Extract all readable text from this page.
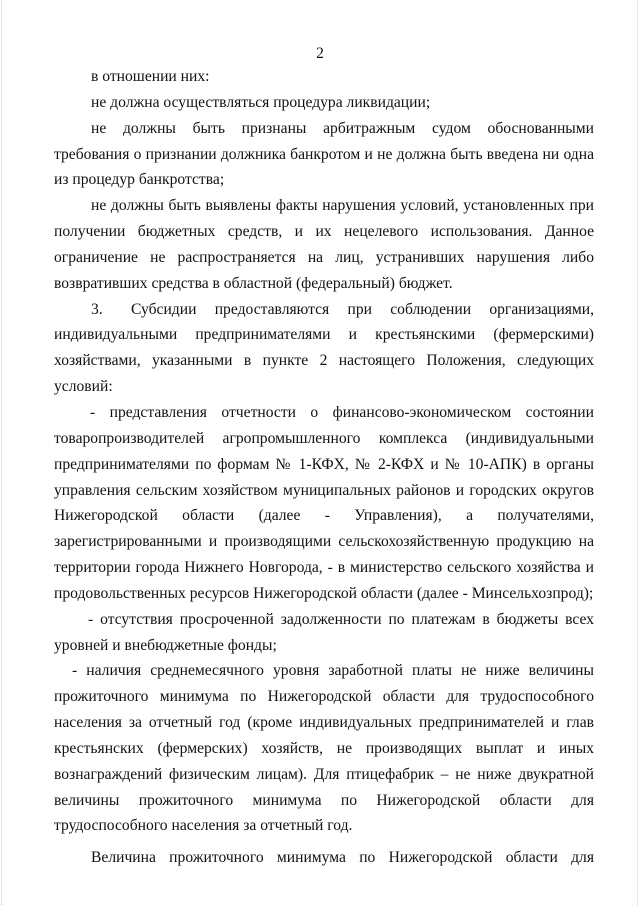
2

в отношении них:

не должна осуществляться процедура ликвидации;

не должны быть признаны арбитражным судом обоснованными требования о признании должника банкротом и не должна быть введена ни одна из процедур банкротства;

не должны быть выявлены факты нарушения условий, установленных при получении бюджетных средств, и их нецелевого использования. Данное ограничение не распространяется на лиц, устранивших нарушения либо возвративших средства в областной (федеральный) бюджет.

3. Субсидии предоставляются при соблюдении организациями, индивидуальными предпринимателями и крестьянскими (фермерскими) хозяйствами, указанными в пункте 2 настоящего Положения, следующих условий:

- представления отчетности о финансово-экономическом состоянии товаропроизводителей агропромышленного комплекса (индивидуальными предпринимателями по формам № 1-КФХ, № 2-КФХ и № 10-АПК) в органы управления сельским хозяйством муниципальных районов и городских округов Нижегородской области (далее - Управления), а получателями, зарегистрированными и производящими сельскохозяйственную продукцию на территории города Нижнего Новгорода, - в министерство сельского хозяйства и продовольственных ресурсов Нижегородской области (далее - Минсельхозпрод);

- отсутствия просроченной задолженности по платежам в бюджеты всех уровней и внебюджетные фонды;

- наличия среднемесячного уровня заработной платы не ниже величины прожиточного минимума по Нижегородской области для трудоспособного населения за отчетный год (кроме индивидуальных предпринимателей и глав крестьянских (фермерских) хозяйств, не производящих выплат и иных вознаграждений физическим лицам). Для птицефабрик – не ниже двукратной величины прожиточного минимума по Нижегородской области для трудоспособного населения за отчетный год.

Величина прожиточного минимума по Нижегородской области для
